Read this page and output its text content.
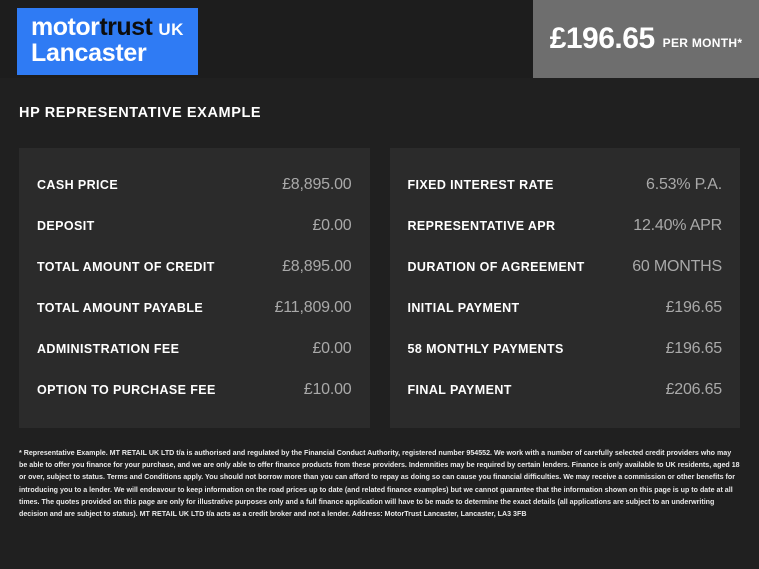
motortrust UK
Lancaster	£196.65 PER MONTH*
HP REPRESENTATIVE EXAMPLE
CASH PRICE	£8,895.00
DEPOSIT	£0.00
TOTAL AMOUNT OF CREDIT	£8,895.00
TOTAL AMOUNT PAYABLE	£11,809.00
ADMINISTRATION FEE	£0.00
OPTION TO PURCHASE FEE	£10.00
FIXED INTEREST RATE	6.53% P.A.
REPRESENTATIVE APR	12.40% APR
DURATION OF AGREEMENT	60 MONTHS
INITIAL PAYMENT	£196.65
58 MONTHLY PAYMENTS	£196.65
FINAL PAYMENT	£206.65
* Representative Example. MT RETAIL UK LTD t/a is authorised and regulated by the Financial Conduct Authority, registered number 954552. We work with a number of carefully selected credit providers who may be able to offer you finance for your purchase, and we are only able to offer finance products from these providers. Indemnities may be required by certain lenders. Finance is only available to UK residents, aged 18 or over, subject to status. Terms and Conditions apply. You should not borrow more than you can afford to repay as doing so can cause you financial difficulties. We may receive a commission or other benefits for introducing you to a lender. We will endeavour to keep information on the road prices up to date (and related finance examples) but we cannot guarantee that the information shown on this page is up to date at all times. The quotes provided on this page are only for illustrative purposes only and a full finance application will have to be made to determine the exact details (all applications are subject to an underwriting decision and are subject to status). MT RETAIL UK LTD t/a acts as a credit broker and not a lender. Address: MotorTrust Lancaster, Lancaster, LA3 3FB
